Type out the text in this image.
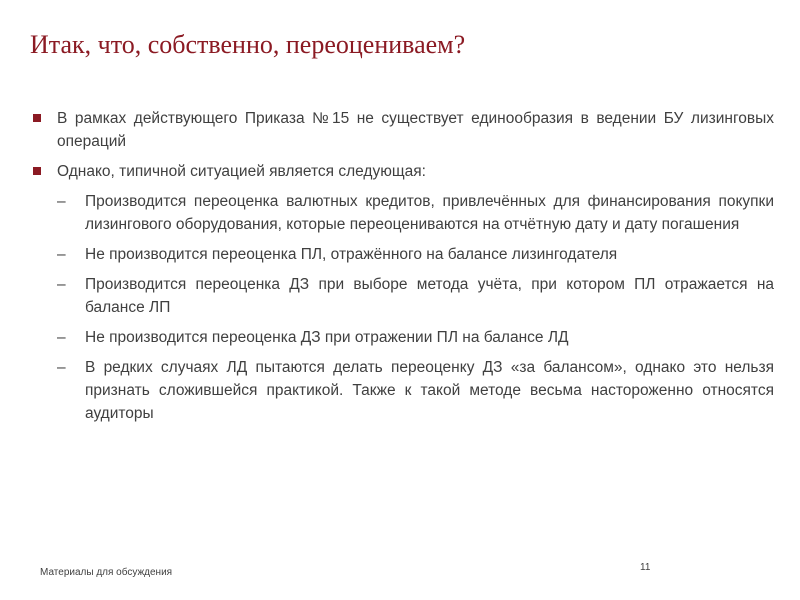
Итак, что, собственно, переоцениваем?
В рамках действующего Приказа №15 не существует единообразия в ведении БУ лизинговых операций
Однако, типичной ситуацией является следующая:
– Производится переоценка валютных кредитов, привлечённых для финансирования покупки лизингового оборудования, которые переоцениваются на отчётную дату и дату погашения
– Не производится переоценка ПЛ, отражённого на балансе лизингодателя
– Производится переоценка ДЗ при выборе метода учёта, при котором ПЛ отражается на балансе ЛП
– Не производится переоценка ДЗ при отражении ПЛ на балансе ЛД
– В редких случаях ЛД пытаются делать переоценку ДЗ «за балансом», однако это нельзя признать сложившейся практикой. Также к такой методе весьма настороженно относятся аудиторы
Материалы для обсуждения	11
